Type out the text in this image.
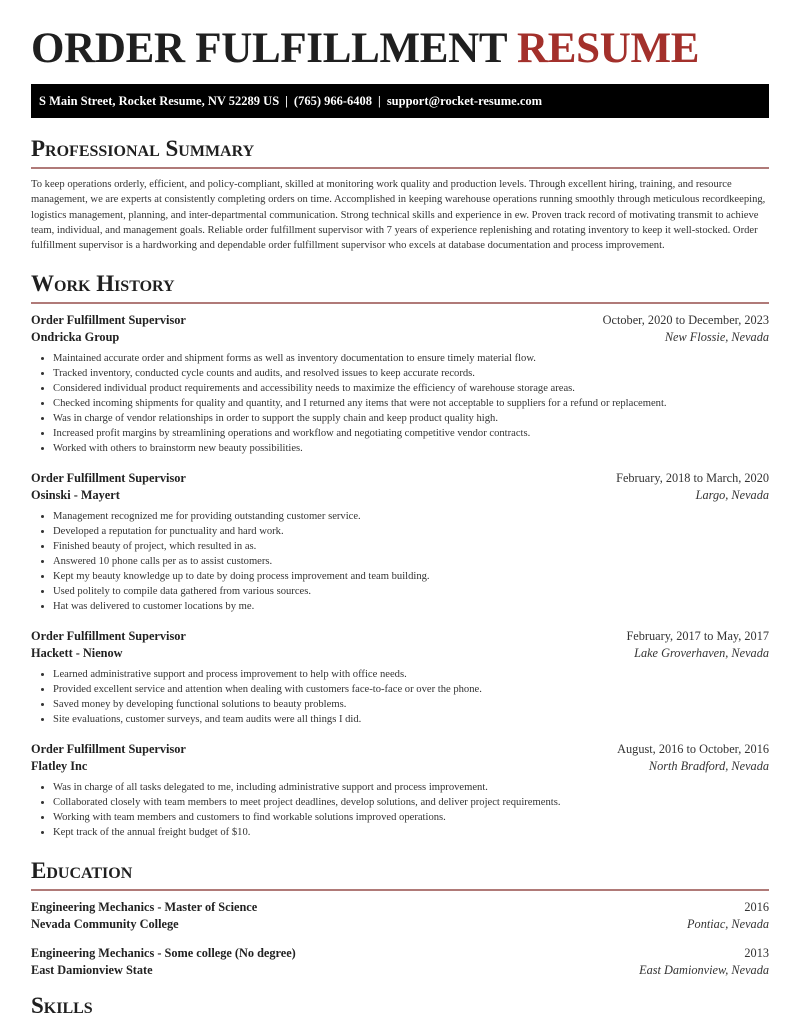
ORDER FULFILLMENT RESUME
S Main Street, Rocket Resume, NV 52289 US | (765) 966-6408 | support@rocket-resume.com
Professional Summary

To keep operations orderly, efficient, and policy-compliant, skilled at monitoring work quality and production levels. Through excellent hiring, training, and resource management, we are experts at consistently completing orders on time. Accomplished in keeping warehouse operations running smoothly through meticulous recordkeeping, logistics management, planning, and inter-departmental communication. Strong technical skills and experience in ew. Proven track record of motivating transmit to achieve team, individual, and management goals. Reliable order fulfillment supervisor with 7 years of experience replenishing and rotating inventory to keep it well-stocked. Order fulfillment supervisor is a hardworking and dependable order fulfillment supervisor who excels at database documentation and process improvement.

Work History
Order Fulfillment Supervisor	October, 2020 to December, 2023
Ondricka Group	New Flossie, Nevada
• Maintained accurate order and shipment forms as well as inventory documentation to ensure timely material flow.
• Tracked inventory, conducted cycle counts and audits, and resolved issues to keep accurate records.
• Considered individual product requirements and accessibility needs to maximize the efficiency of warehouse storage areas.
• Checked incoming shipments for quality and quantity, and I returned any items that were not acceptable to suppliers for a refund or replacement.
• Was in charge of vendor relationships in order to support the supply chain and keep product quality high.
• Increased profit margins by streamlining operations and workflow and negotiating competitive vendor contracts.
• Worked with others to brainstorm new beauty possibilities.
Order Fulfillment Supervisor	February, 2018 to March, 2020
Osinski - Mayert	Largo, Nevada
• Management recognized me for providing outstanding customer service.
• Developed a reputation for punctuality and hard work.
• Finished beauty of project, which resulted in as.
• Answered 10 phone calls per as to assist customers.
• Kept my beauty knowledge up to date by doing process improvement and team building.
• Used politely to compile data gathered from various sources.
• Hat was delivered to customer locations by me.
Order Fulfillment Supervisor	February, 2017 to May, 2017
Hackett - Nienow	Lake Groverhaven, Nevada
• Learned administrative support and process improvement to help with office needs.
• Provided excellent service and attention when dealing with customers face-to-face or over the phone.
• Saved money by developing functional solutions to beauty problems.
• Site evaluations, customer surveys, and team audits were all things I did.
Order Fulfillment Supervisor	August, 2016 to October, 2016
Flatley Inc	North Bradford, Nevada
• Was in charge of all tasks delegated to me, including administrative support and process improvement.
• Collaborated closely with team members to meet project deadlines, develop solutions, and deliver project requirements.
• Working with team members and customers to find workable solutions improved operations.
• Kept track of the annual freight budget of $10.
Education
Engineering Mechanics - Master of Science	2016
Nevada Community College	Pontiac, Nevada
Engineering Mechanics - Some college (No degree)	2013
East Damionview State	East Damionview, Nevada
Skills
